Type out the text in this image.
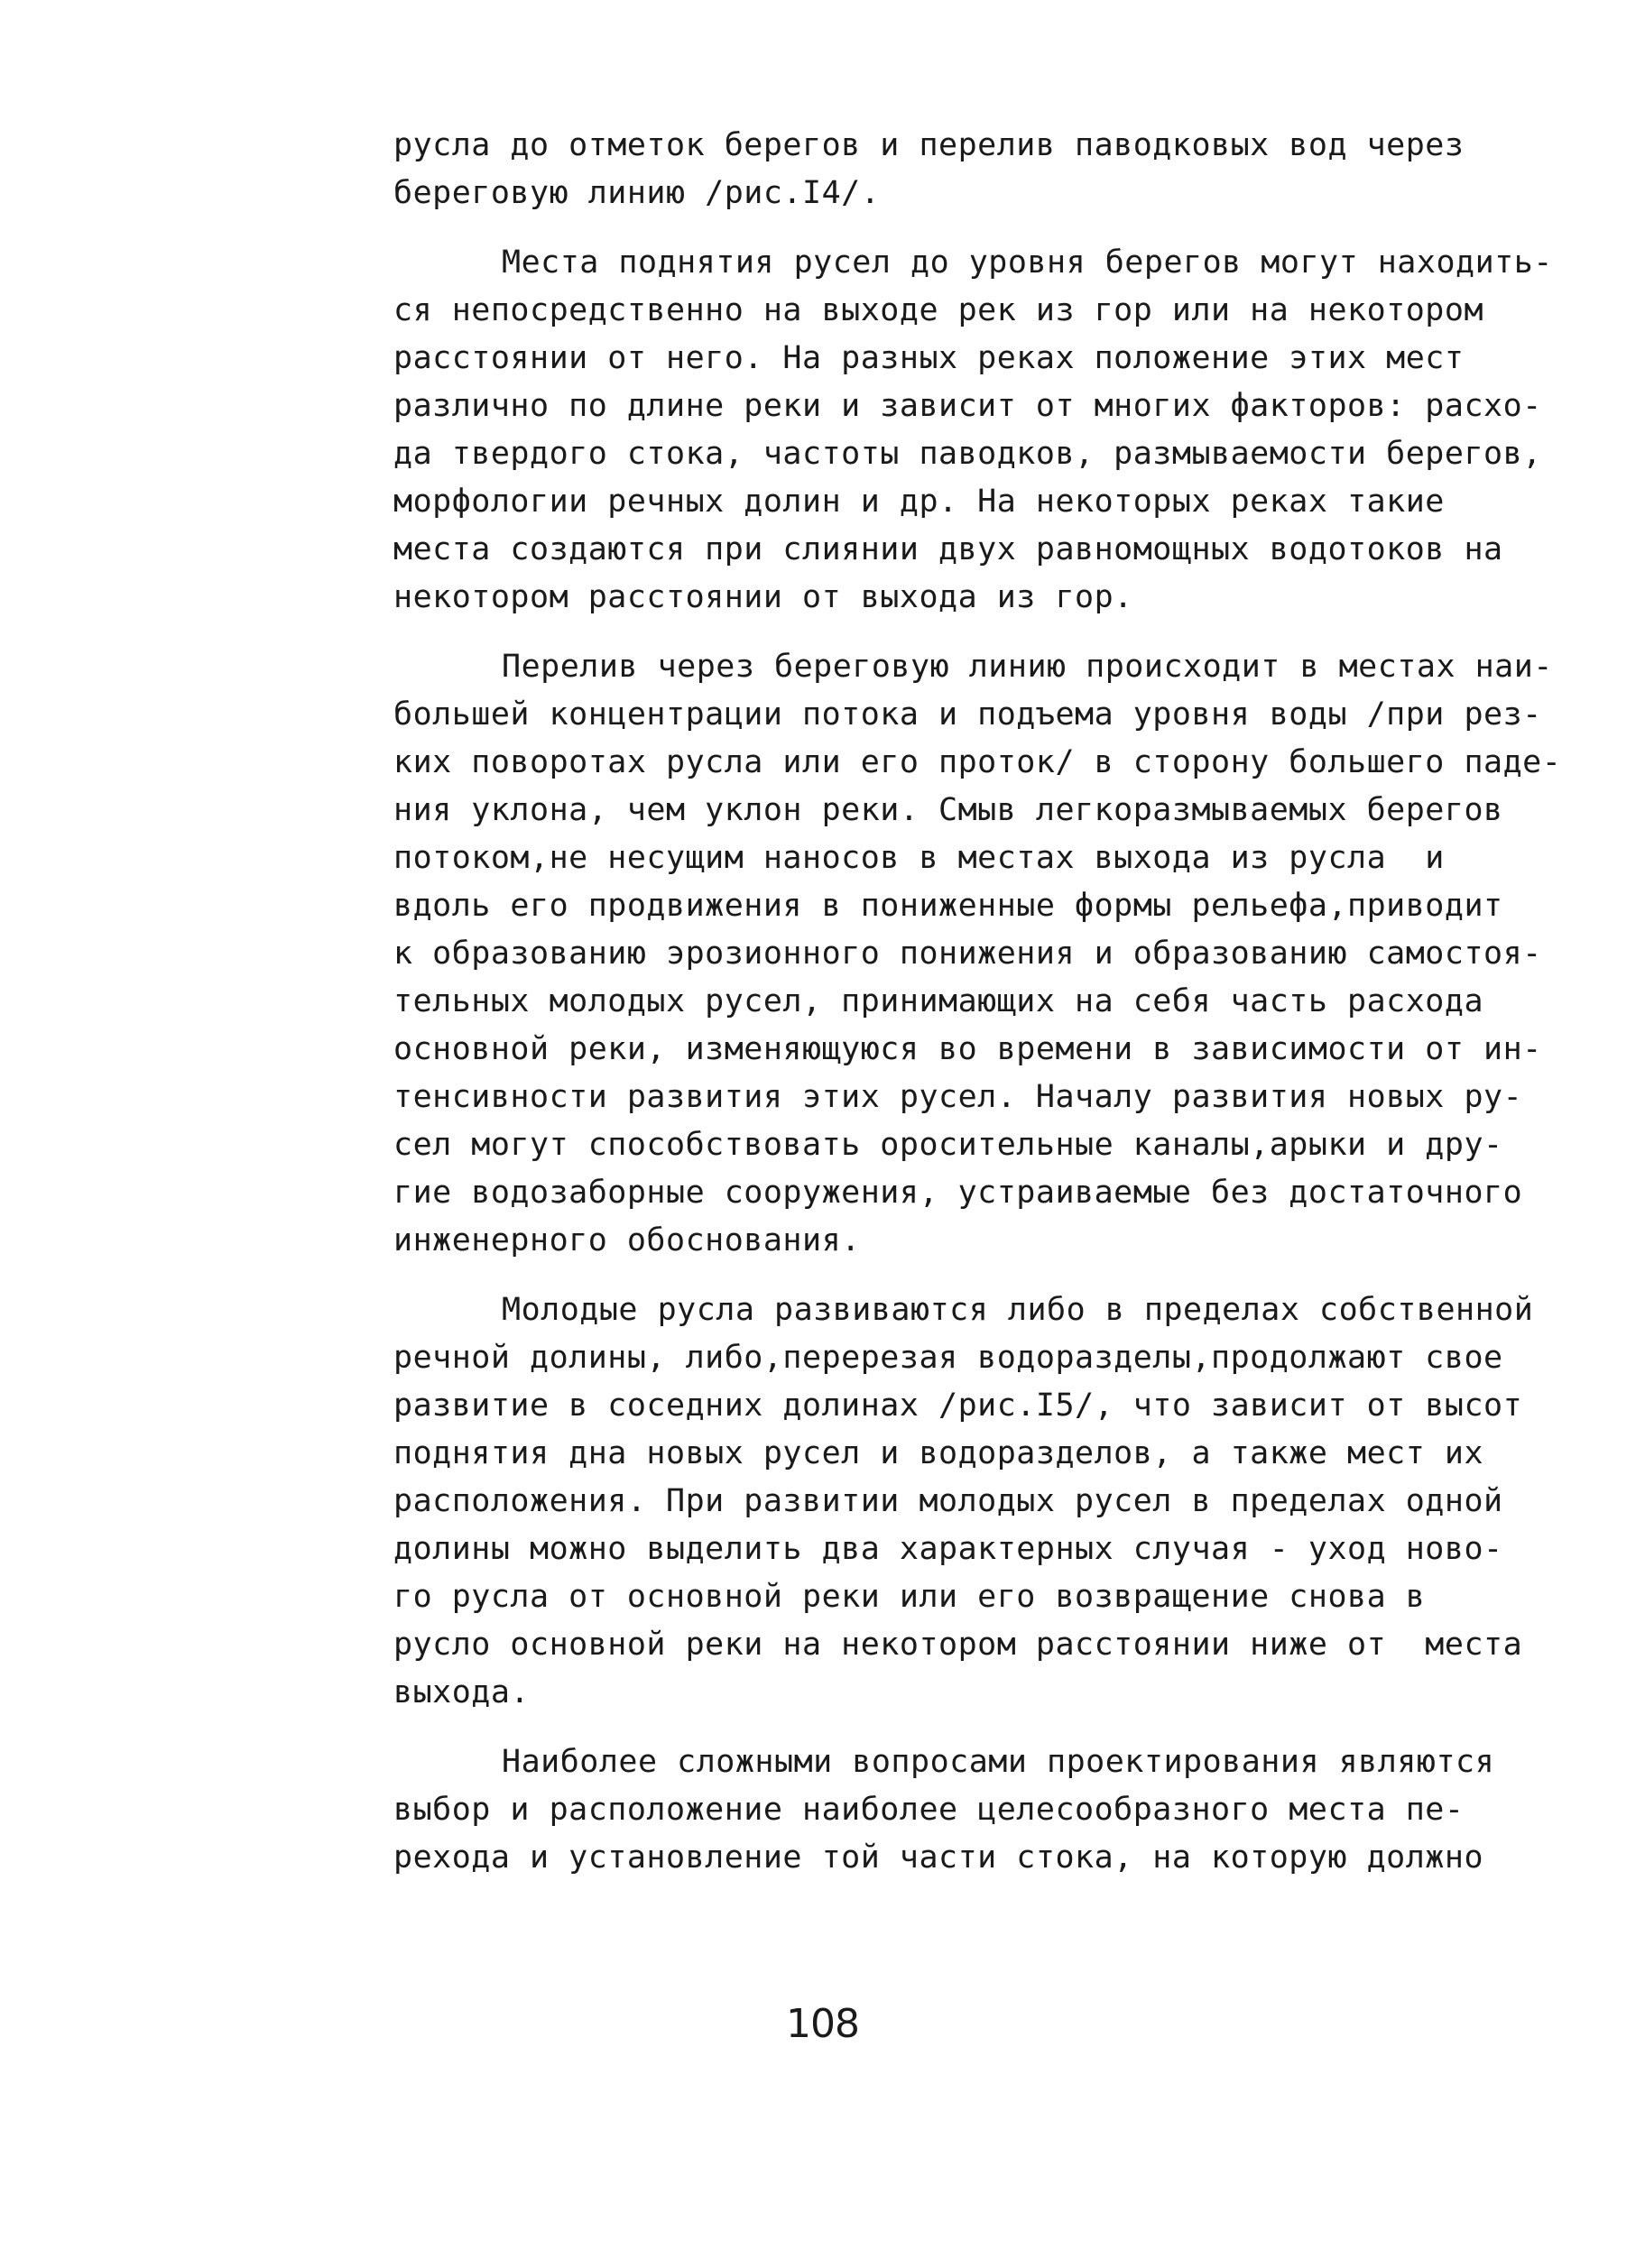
русла до отметок берегов и перелив паводковых вод через
береговую линию /рис.I4/.
Места поднятия русел до уровня берегов могут находить-
ся непосредственно на выходе рек из гор или на некотором
расстоянии от него. На разных реках положение этих мест
различно по длине реки и зависит от многих факторов: расхо-
да твердого стока, частоты паводков, размываемости берегов,
морфологии речных долин и др. На некоторых реках такие
места создаются при слиянии двух равномощных водотоков на
некотором расстоянии от выхода из гор.
Перелив через береговую линию происходит в местах наи-
большей концентрации потока и подъема уровня воды /при рез-
ких поворотах русла или его проток/ в сторону большего паде-
ния уклона, чем уклон реки. Смыв легкоразмываемых берегов
потоком,не несущим наносов в местах выхода из русла  и
вдоль его продвижения в пониженные формы рельефа,приводит
к образованию эрозионного понижения и образованию самостоя-
тельных молодых русел, принимающих на себя часть расхода
основной реки, изменяющуюся во времени в зависимости от ин-
тенсивности развития этих русел. Началу развития новых ру-
сел могут способствовать оросительные каналы,арыки и дру-
гие водозаборные сооружения, устраиваемые без достаточного
инженерного обоснования.
Молодые русла развиваются либо в пределах собственной
речной долины, либо,перерезая водоразделы,продолжают свое
развитие в соседних долинах /рис.I5/, что зависит от высот
поднятия дна новых русел и водоразделов, а также мест их
расположения. При развитии молодых русел в пределах одной
долины можно выделить два характерных случая - уход ново-
го русла от основной реки или его возвращение снова в
русло основной реки на некотором расстоянии ниже от  места
выхода.
Наиболее сложными вопросами проектирования являются
выбор и расположение наиболее целесообразного места пе-
рехода и установление той части стока, на которую должно
108
